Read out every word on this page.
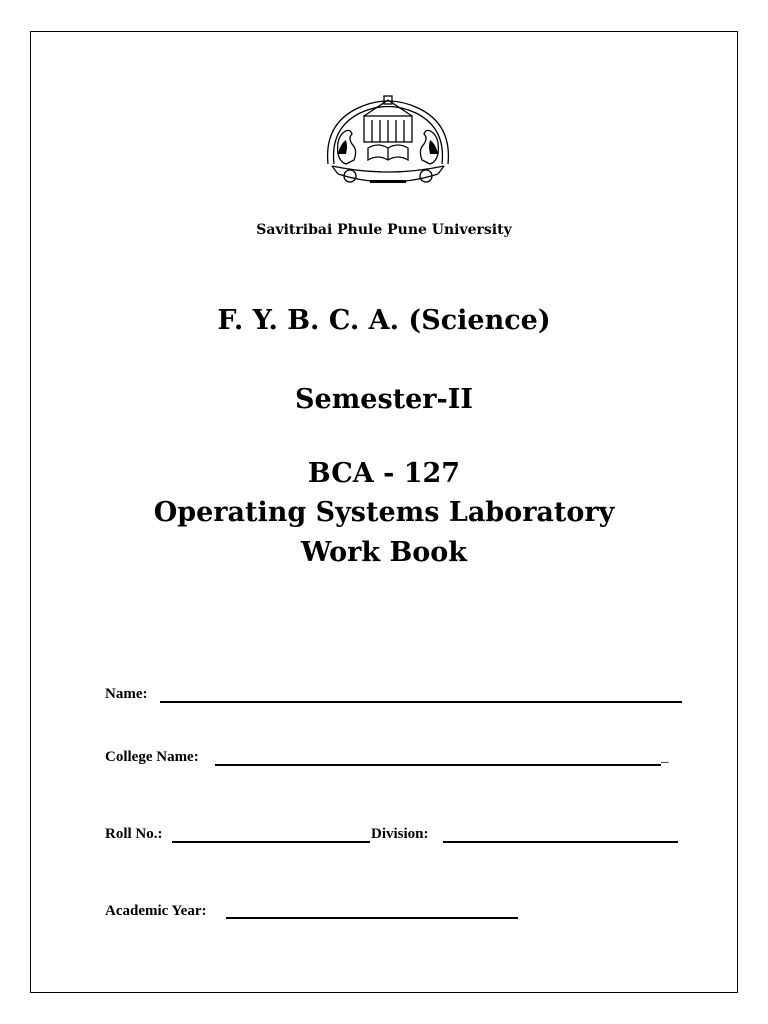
Savitribai Phule Pune University
F. Y. B. C. A. (Science)
Semester-II
BCA - 127
Operating Systems Laboratory
Work Book
Name:
College Name:	_
Roll No.:	Division:
Academic Year:
